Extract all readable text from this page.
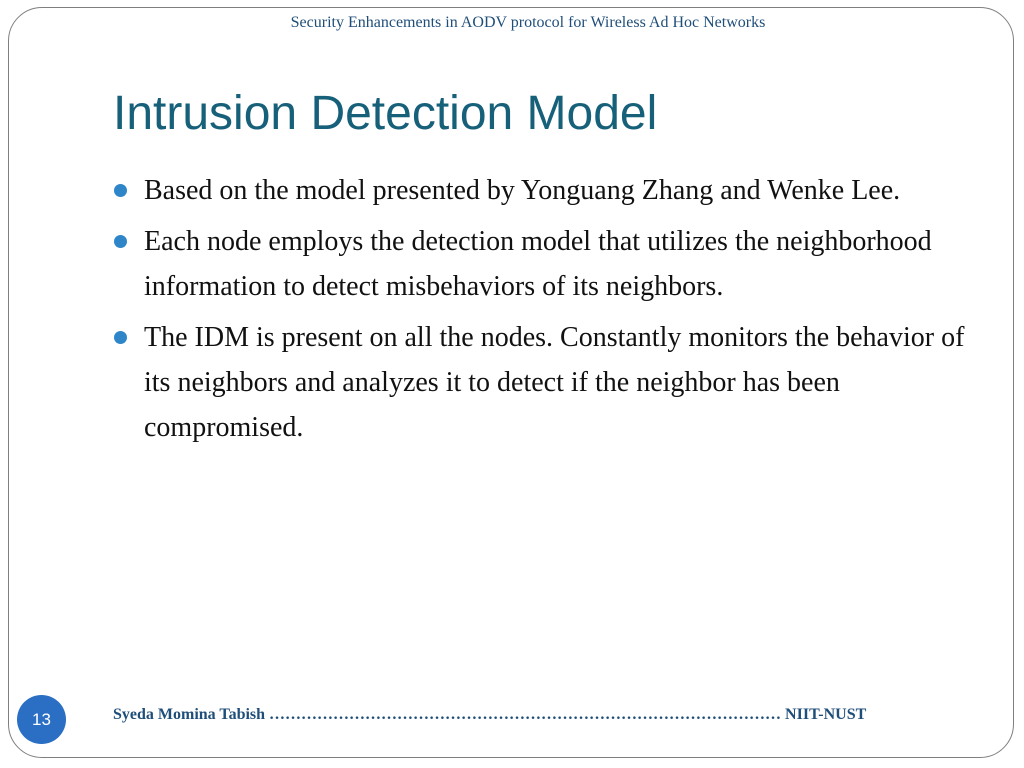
Security Enhancements in AODV protocol for Wireless Ad Hoc Networks
Intrusion Detection Model
Based on the model presented by Yonguang Zhang and Wenke Lee.
Each node employs the detection model that utilizes the neighborhood information to detect misbehaviors of its neighbors.
The IDM is present on all the nodes. Constantly monitors the behavior of its neighbors and analyzes it to detect if the neighbor has been compromised.
13	Syeda Momina Tabish …………………………………………………………………………………… NIIT-NUST
